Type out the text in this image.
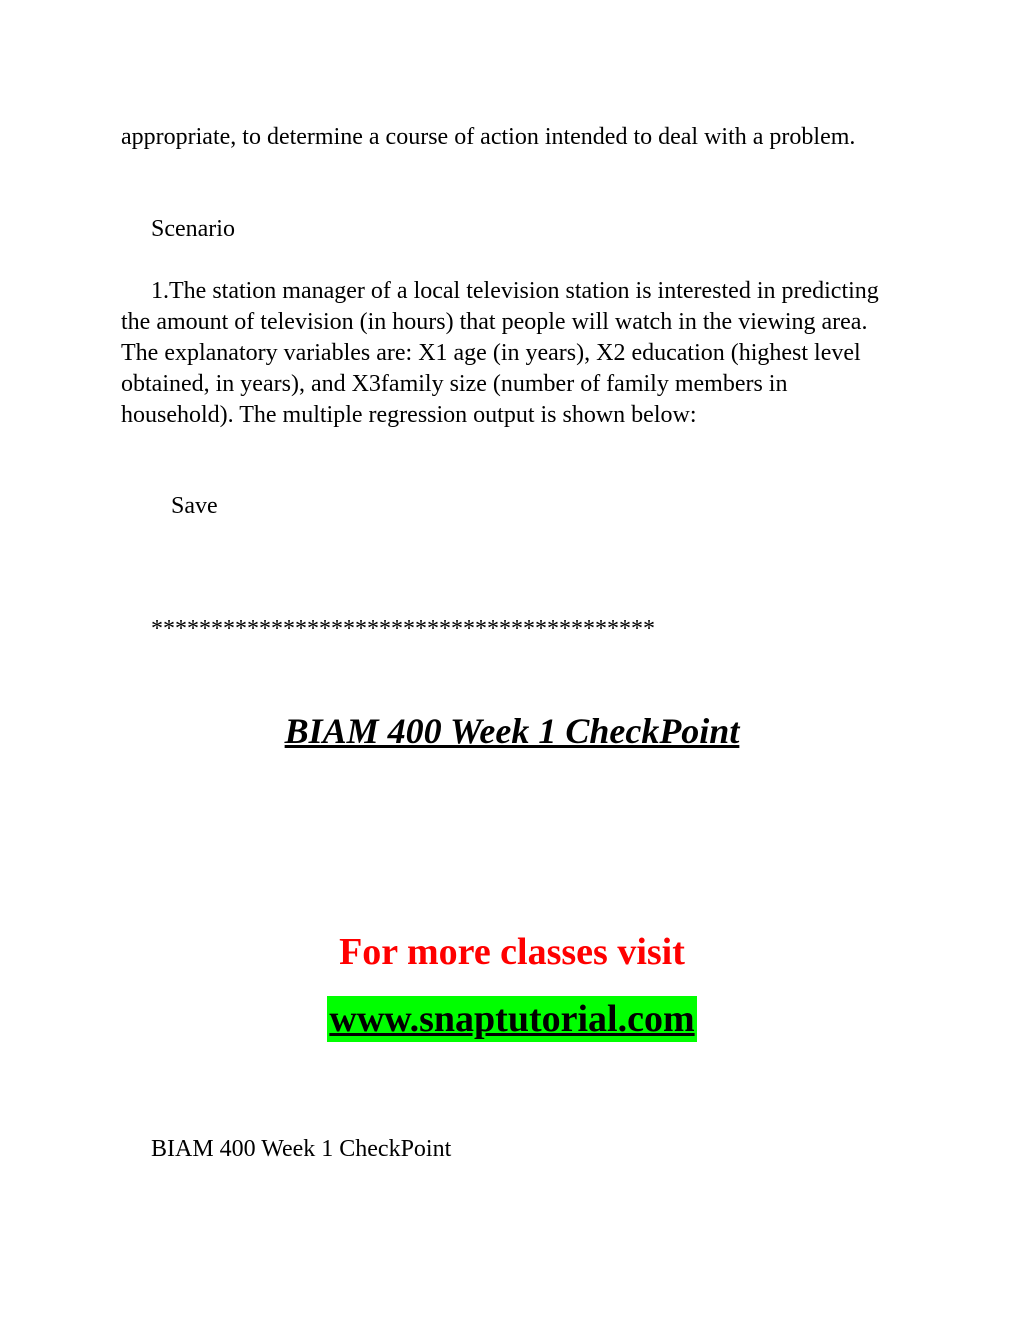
appropriate, to determine a course of action intended to deal with a problem.

Scenario

1.The station manager of a local television station is interested in predicting the amount of television (in hours) that people will watch in the viewing area. The explanatory variables are: X1 age (in years), X2 education (highest level obtained, in years), and X3family size (number of family members in household). The multiple regression output is shown below:

Save

******************************************

BIAM 400 Week 1 CheckPoint
For more classes visit
www.snaptutorial.com

BIAM 400 Week 1 CheckPoint
